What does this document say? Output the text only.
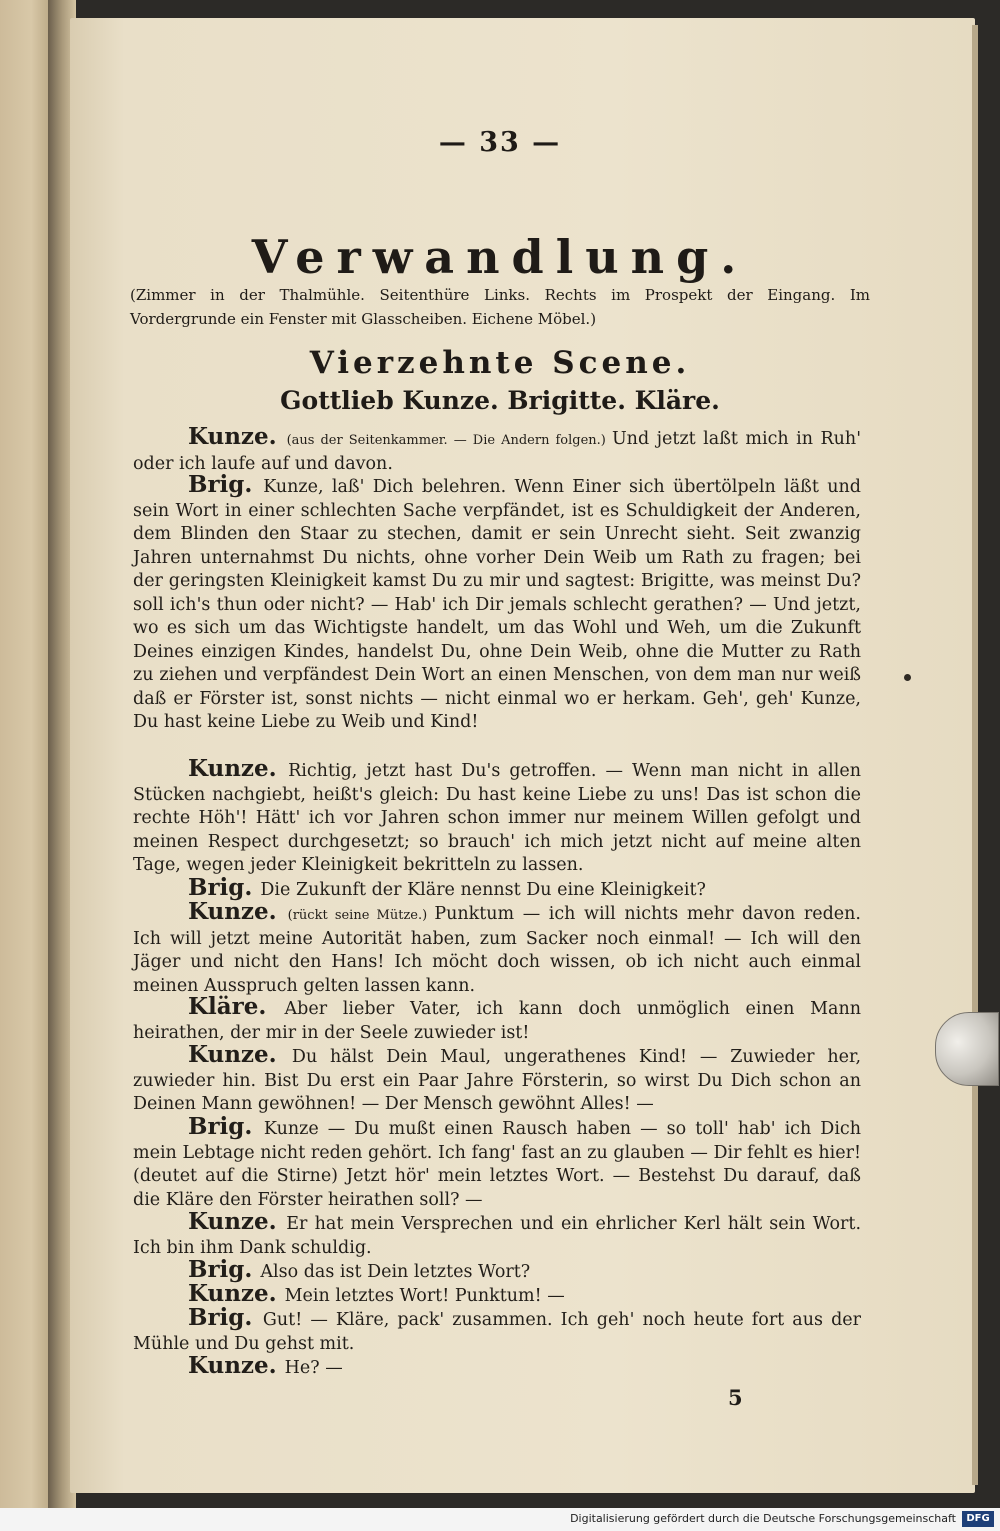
— 33 —
Verwandlung.
(Zimmer in der Thalmühle. Seitenthüre Links. Rechts im Prospekt der Eingang. Im Vordergrunde ein Fenster mit Glasscheiben. Eichene Möbel.)
Vierzehnte Scene.
Gottlieb Kunze. Brigitte. Kläre.
Kunze. (aus der Seitenkammer. — Die Andern folgen.) Und jetzt laßt mich in Ruh' oder ich laufe auf und davon.
Brig. Kunze, laß' Dich belehren. Wenn Einer sich übertölpeln läßt und sein Wort in einer schlechten Sache verpfändet, ist es Schuldigkeit der Anderen, dem Blinden den Staar zu stechen, damit er sein Unrecht sieht. Seit zwanzig Jahren unternahmst Du nichts, ohne vorher Dein Weib um Rath zu fragen; bei der geringsten Kleinigkeit kamst Du zu mir und sagtest: Brigitte, was meinst Du? soll ich's thun oder nicht? — Hab' ich Dir jemals schlecht gerathen? — Und jetzt, wo es sich um das Wichtigste handelt, um das Wohl und Weh, um die Zukunft Deines einzigen Kindes, handelst Du, ohne Dein Weib, ohne die Mutter zu Rath zu ziehen und verpfändest Dein Wort an einen Menschen, von dem man nur weiß daß er Förster ist, sonst nichts — nicht einmal wo er herkam. Geh', geh' Kunze, Du hast keine Liebe zu Weib und Kind!
Kunze. Richtig, jetzt hast Du's getroffen. — Wenn man nicht in allen Stücken nachgiebt, heißt's gleich: Du hast keine Liebe zu uns! Das ist schon die rechte Höh'! Hätt' ich vor Jahren schon immer nur meinem Willen gefolgt und meinen Respect durchgesetzt; so brauch' ich mich jetzt nicht auf meine alten Tage, wegen jeder Kleinigkeit bekritteln zu lassen.
Brig. Die Zukunft der Kläre nennst Du eine Kleinigkeit?
Kunze. (rückt seine Mütze.) Punktum — ich will nichts mehr davon reden. Ich will jetzt meine Autorität haben, zum Sacker noch einmal! — Ich will den Jäger und nicht den Hans! Ich möcht doch wissen, ob ich nicht auch einmal meinen Ausspruch gelten lassen kann.
Kläre. Aber lieber Vater, ich kann doch unmöglich einen Mann heirathen, der mir in der Seele zuwieder ist!
Kunze. Du hälst Dein Maul, ungerathenes Kind! — Zuwieder her, zuwieder hin. Bist Du erst ein Paar Jahre Försterin, so wirst Du Dich schon an Deinen Mann gewöhnen! — Der Mensch gewöhnt Alles! —
Brig. Kunze — Du mußt einen Rausch haben — so toll' hab' ich Dich mein Lebtage nicht reden gehört. Ich fang' fast an zu glauben — Dir fehlt es hier! (deutet auf die Stirne) Jetzt hör' mein letztes Wort. — Bestehst Du darauf, daß die Kläre den Förster heirathen soll? —
Kunze. Er hat mein Versprechen und ein ehrlicher Kerl hält sein Wort. Ich bin ihm Dank schuldig.
Brig. Also das ist Dein letztes Wort?
Kunze. Mein letztes Wort! Punktum! —
Brig. Gut! — Kläre, pack' zusammen. Ich geh' noch heute fort aus der Mühle und Du gehst mit.
Kunze. He? —
5
Digitalisierung gefördert durch die Deutsche Forschungsgemeinschaft	DFG
